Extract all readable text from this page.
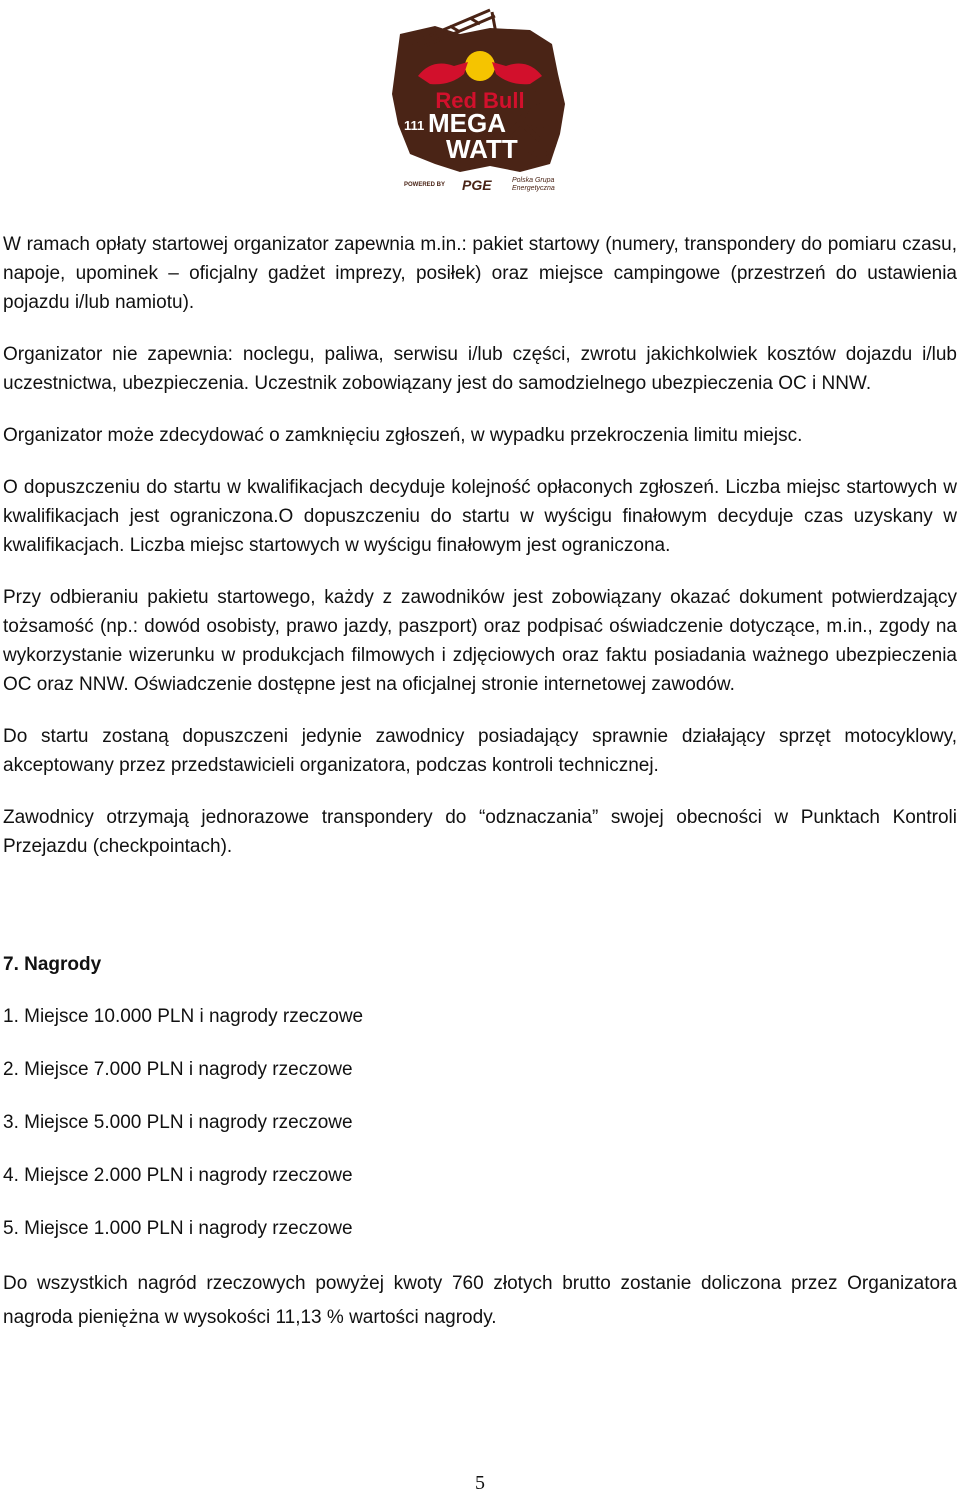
Red Bull
111 MEGA
WATT
POWERED BY PGE	Polska Grupa
Energetyczna

W ramach opłaty startowej organizator zapewnia m.in.: pakiet startowy (numery, transpondery do pomiaru czasu, napoje, upominek – oficjalny gadżet imprezy, posiłek) oraz miejsce campingowe (przestrzeń do ustawienia pojazdu i/lub namiotu).

Organizator nie zapewnia: noclegu, paliwa, serwisu i/lub części, zwrotu jakichkolwiek kosztów dojazdu i/lub uczestnictwa, ubezpieczenia. Uczestnik zobowiązany jest do samodzielnego ubezpieczenia OC i NNW.

Organizator może zdecydować o zamknięciu zgłoszeń, w wypadku przekroczenia limitu miejsc.

O dopuszczeniu do startu w kwalifikacjach decyduje kolejność opłaconych zgłoszeń. Liczba miejsc startowych w kwalifikacjach jest ograniczona.O dopuszczeniu do startu w wyścigu finałowym decyduje czas uzyskany w kwalifikacjach. Liczba miejsc startowych w wyścigu finałowym jest ograniczona.

Przy odbieraniu pakietu startowego, każdy z zawodników jest zobowiązany okazać dokument potwierdzający tożsamość (np.: dowód osobisty, prawo jazdy, paszport) oraz podpisać oświadczenie dotyczące, m.in., zgody na wykorzystanie wizerunku w produkcjach filmowych i zdjęciowych oraz faktu posiadania ważnego ubezpieczenia OC oraz NNW. Oświadczenie dostępne jest na oficjalnej stronie internetowej zawodów.

Do startu zostaną dopuszczeni jedynie zawodnicy posiadający sprawnie działający sprzęt motocyklowy, akceptowany przez przedstawicieli organizatora, podczas kontroli technicznej.

Zawodnicy otrzymają jednorazowe transpondery do “odznaczania” swojej obecności w Punktach Kontroli Przejazdu (checkpointach).

7. Nagrody
1. Miejsce 10.000 PLN i nagrody rzeczowe
2. Miejsce 7.000 PLN i nagrody rzeczowe
3. Miejsce 5.000 PLN i nagrody rzeczowe
4. Miejsce 2.000 PLN i nagrody rzeczowe
5. Miejsce 1.000 PLN i nagrody rzeczowe

Do wszystkich nagród rzeczowych powyżej kwoty 760 złotych brutto zostanie doliczona przez Organizatora nagroda pieniężna w wysokości 11,13 % wartości nagrody.

5
